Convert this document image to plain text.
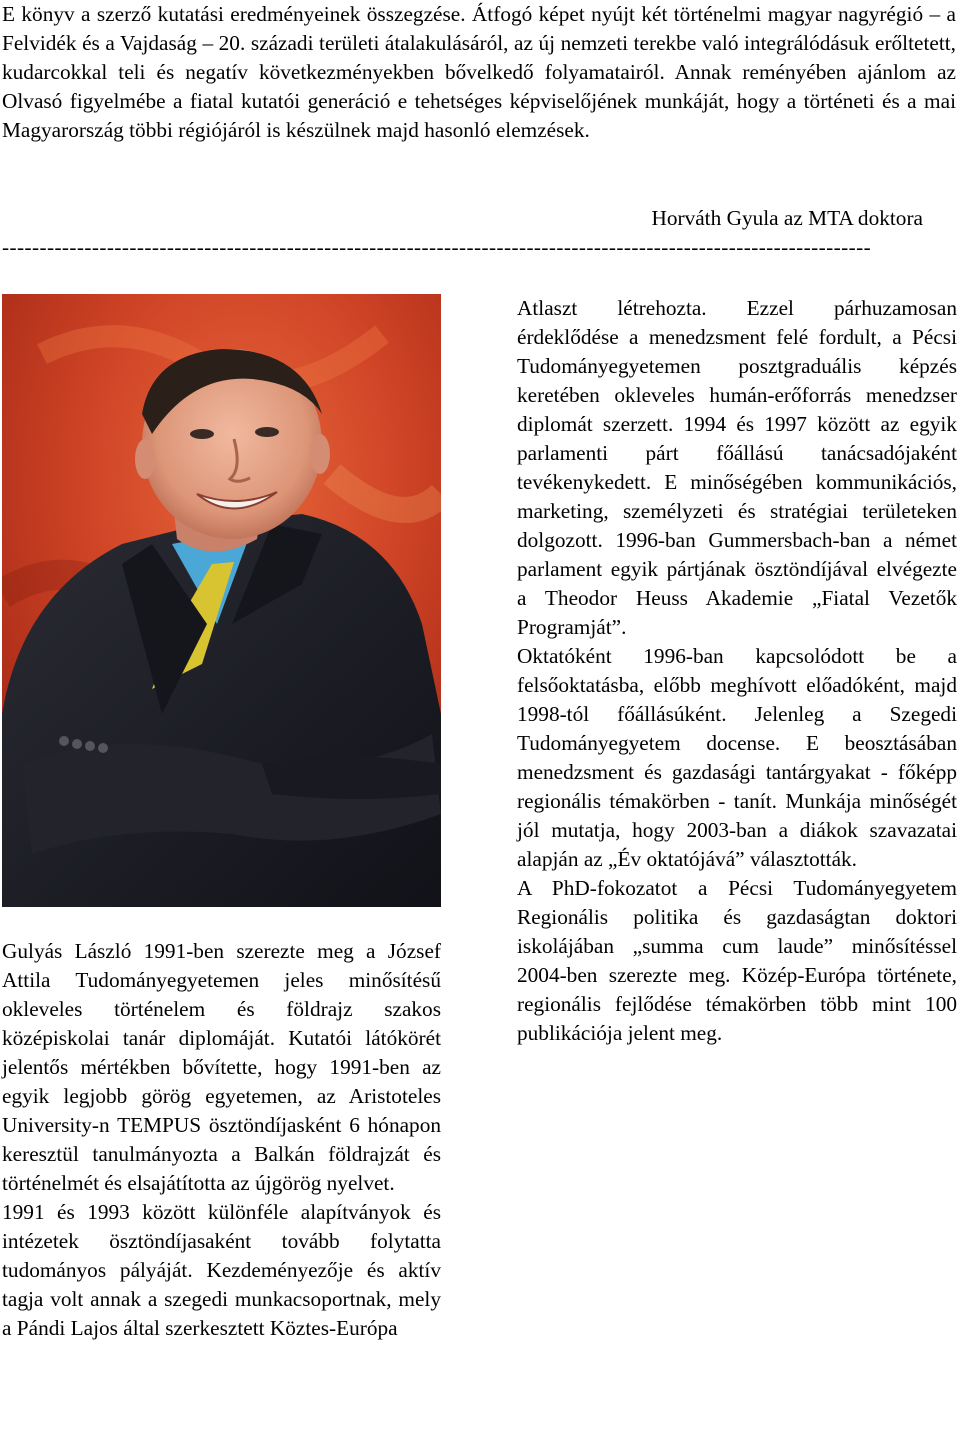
E könyv a szerző kutatási eredményeinek összegzése. Átfogó képet nyújt két történelmi magyar nagyrégió – a Felvidék és a Vajdaság – 20. századi területi átalakulásáról, az új nemzeti terekbe való integrálódásuk erőltetett, kudarcokkal teli és negatív következményekben bővelkedő folyamatairól. Annak reményében ajánlom az Olvasó figyelmébe a fiatal kutatói generáció e tehetséges képviselőjének munkáját, hogy a történeti és a mai Magyarország többi régiójáról is készülnek majd hasonló elemzések.

Horváth Gyula az MTA doktora

--------------------------------------------------------------------------------------------------------------------

Gulyás László 1991-ben szerezte meg a József Attila Tudományegyetemen jeles minősítésű okleveles történelem és földrajz szakos középiskolai tanár diplomáját. Kutatói látókörét jelentős mértékben bővítette, hogy 1991-ben az egyik legjobb görög egyetemen, az Aristoteles University-n TEMPUS ösztöndíjasként 6 hónapon keresztül tanulmányozta a Balkán földrajzát és történelmét és elsajátította az újgörög nyelvet.

1991 és 1993 között különféle alapítványok és intézetek ösztöndíjasaként tovább folytatta tudományos pályáját. Kezdeményezője és aktív tagja volt annak a szegedi munkacsoportnak, mely a Pándi Lajos által szerkesztett Köztes-Európa

Atlaszt létrehozta. Ezzel párhuzamosan érdeklődése a menedzsment felé fordult, a Pécsi Tudományegyetemen posztgraduális képzés keretében okleveles humán-erőforrás menedzser diplomát szerzett. 1994 és 1997 között az egyik parlamenti párt főállású tanácsadójaként tevékenykedett. E minőségében kommunikációs, marketing, személyzeti és stratégiai területeken dolgozott. 1996-ban Gummersbach-ban a német parlament egyik pártjának ösztöndíjával elvégezte a Theodor Heuss Akademie „Fiatal Vezetők Programját”.

Oktatóként 1996-ban kapcsolódott be a felsőoktatásba, előbb meghívott előadóként, majd 1998-tól főállásúként. Jelenleg a Szegedi Tudományegyetem docense. E beosztásában menedzsment és gazdasági tantárgyakat - főképp regionális témakörben - tanít. Munkája minőségét jól mutatja, hogy 2003-ban a diákok szavazatai alapján az „Év oktatójává” választották.

A PhD-fokozatot a Pécsi Tudományegyetem Regionális politika és gazdaságtan doktori iskolájában „summa cum laude” minősítéssel 2004-ben szerezte meg. Közép-Európa története, regionális fejlődése témakörben több mint 100 publikációja jelent meg.
